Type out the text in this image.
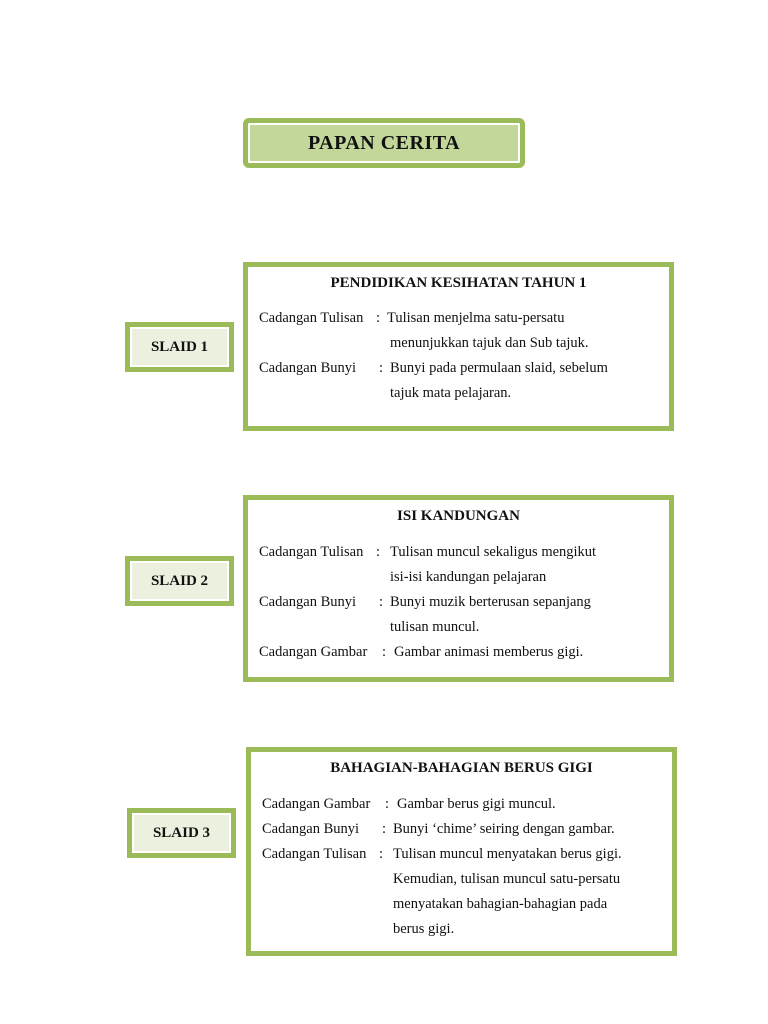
PAPAN CERITA
SLAID 1
PENDIDIKAN KESIHATAN TAHUN 1
Cadangan Tulisan : Tulisan menjelma satu-persatu
menunjukkan tajuk dan Sub tajuk.
Cadangan Bunyi : Bunyi pada permulaan slaid, sebelum
tajuk mata pelajaran.
SLAID 2
ISI KANDUNGAN
Cadangan Tulisan : Tulisan muncul sekaligus mengikut
isi-isi kandungan pelajaran
Cadangan Bunyi : Bunyi muzik berterusan sepanjang
tulisan muncul.
Cadangan Gambar : Gambar animasi memberus gigi.
SLAID 3
BAHAGIAN-BAHAGIAN BERUS GIGI
Cadangan Gambar : Gambar berus gigi muncul.
Cadangan Bunyi : Bunyi ‘chime’ seiring dengan gambar.
Cadangan Tulisan : Tulisan muncul menyatakan berus gigi.
Kemudian, tulisan muncul satu-persatu
menyatakan bahagian-bahagian pada
berus gigi.
